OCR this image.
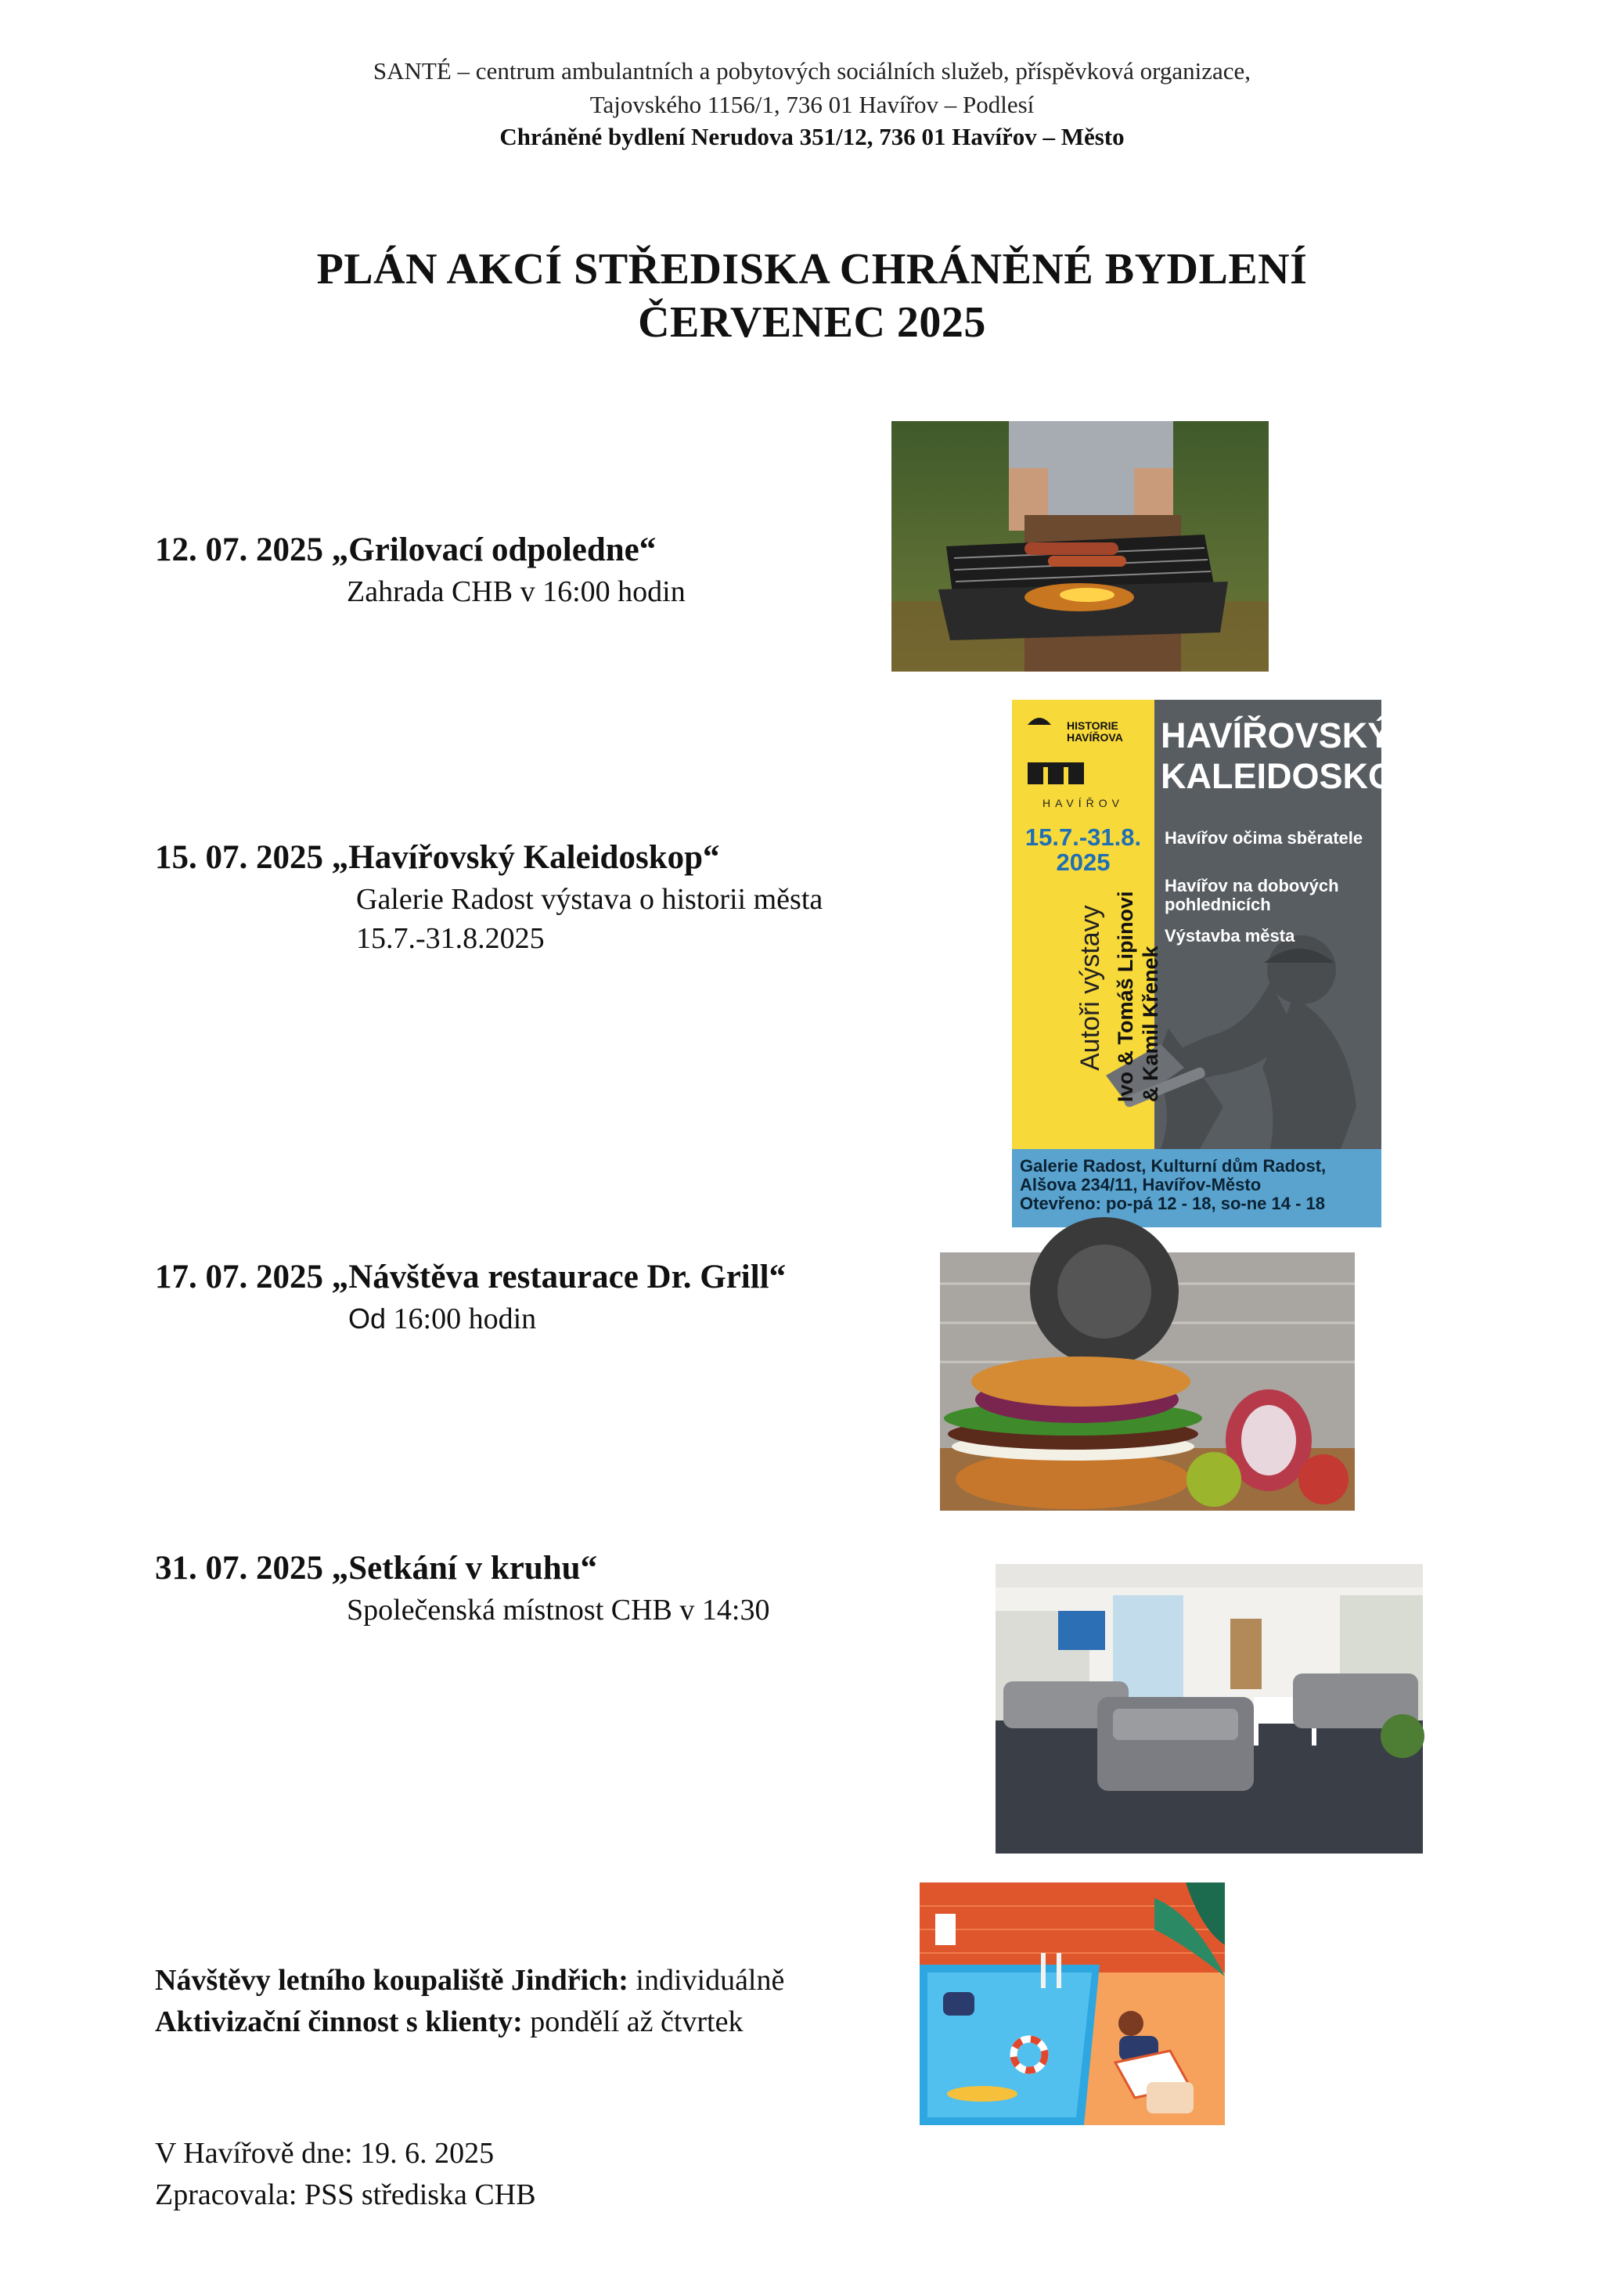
SANTÉ – centrum ambulantních a pobytových sociálních služeb, příspěvková organizace,
Tajovského 1156/1, 736 01 Havířov – Podlesí
Chráněné bydlení Nerudova 351/12, 736 01 Havířov – Město
PLÁN AKCÍ STŘEDISKA CHRÁNĚNÉ BYDLENÍ
ČERVENEC 2025
12. 07. 2025 „Grilovací odpoledne“
Zahrada CHB v 16:00 hodin
15. 07. 2025 „Havířovský Kaleidoskop“
Galerie Radost výstava o historii města
15.7.-31.8.2025
HISTORIE
HAVÍŘOVA
HAVÍŘOV
15.7.-31.8.
2025
HAVÍŘOVSKÝ
KALEIDOSKOP
Havířov očima sběratele
Havířov na dobových pohlednicích
Výstavba města
Autoři výstavy Ivo & Tomáš Lipinovi & Kamil Křenek
Galerie Radost, Kulturní dům Radost,
Alšova 234/11, Havířov-Město
Otevřeno: po-pá 12 - 18, so-ne 14 - 18
17. 07. 2025 „Návštěva restaurace Dr. Grill“
Od 16:00 hodin
31. 07. 2025 „Setkání v kruhu“
Společenská místnost CHB v 14:30
Návštěvy letního koupaliště Jindřich: individuálně
Aktivizační činnost s klienty: pondělí až čtvrtek
V Havířově dne: 19. 6. 2025
Zpracovala: PSS střediska CHB
